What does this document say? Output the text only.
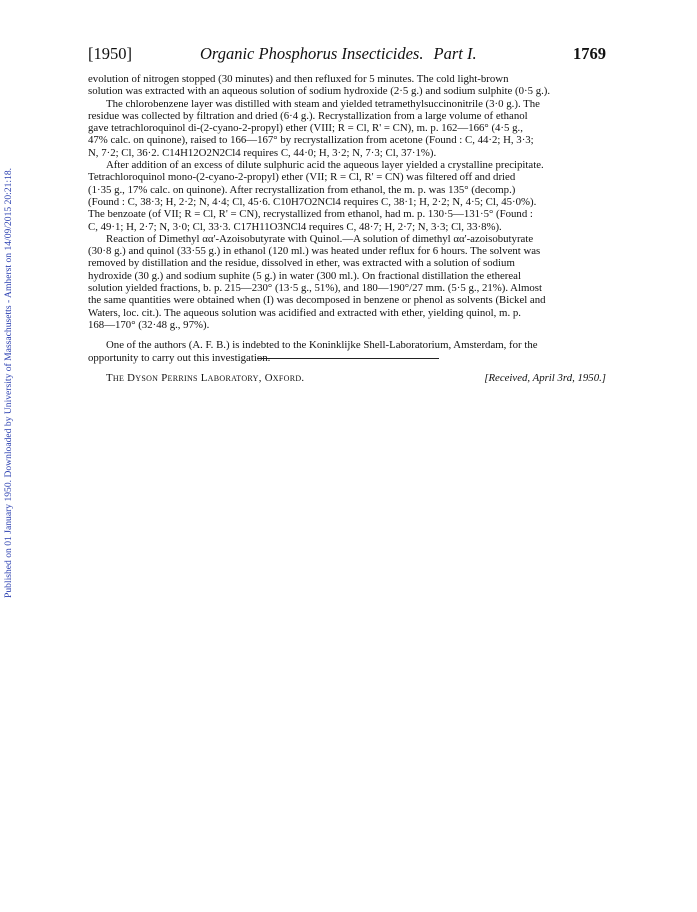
Published on 01 January 1950. Downloaded by University of Massachusetts - Amherst on 14/09/2015 20:21:18.
[1950]	Organic Phosphorus Insecticides. Part I.	1769
evolution of nitrogen stopped (30 minutes) and then refluxed for 5 minutes. The cold light-brown
solution was extracted with an aqueous solution of sodium hydroxide (2·5 g.) and sodium sulphite (0·5 g.).
The chlorobenzene layer was distilled with steam and yielded tetramethylsuccinonitrile (3·0 g.). The
residue was collected by filtration and dried (6·4 g.). Recrystallization from a large volume of ethanol
gave tetrachloroquinol di-(2-cyano-2-propyl) ether (VIII; R = Cl, R' = CN), m. p. 162—166° (4·5 g.,
47% calc. on quinone), raised to 166—167° by recrystallization from acetone (Found : C, 44·2; H, 3·3;
N, 7·2; Cl, 36·2. C14H12O2N2Cl4 requires C, 44·0; H, 3·2; N, 7·3; Cl, 37·1%).
After addition of an excess of dilute sulphuric acid the aqueous layer yielded a crystalline precipitate.
Tetrachloroquinol mono-(2-cyano-2-propyl) ether (VII; R = Cl, R' = CN) was filtered off and dried
(1·35 g., 17% calc. on quinone). After recrystallization from ethanol, the m. p. was 135° (decomp.)
(Found : C, 38·3; H, 2·2; N, 4·4; Cl, 45·6. C10H7O2NCl4 requires C, 38·1; H, 2·2; N, 4·5; Cl, 45·0%).
The benzoate (of VII; R = Cl, R' = CN), recrystallized from ethanol, had m. p. 130·5—131·5° (Found :
C, 49·1; H, 2·7; N, 3·0; Cl, 33·3. C17H11O3NCl4 requires C, 48·7; H, 2·7; N, 3·3; Cl, 33·8%).
Reaction of Dimethyl αα'-Azoisobutyrate with Quinol.—A solution of dimethyl αα'-azoisobutyrate
(30·8 g.) and quinol (33·55 g.) in ethanol (120 ml.) was heated under reflux for 6 hours. The solvent was
removed by distillation and the residue, dissolved in ether, was extracted with a solution of sodium
hydroxide (30 g.) and sodium suphite (5 g.) in water (300 ml.). On fractional distillation the ethereal
solution yielded fractions, b. p. 215—230° (13·5 g., 51%), and 180—190°/27 mm. (5·5 g., 21%). Almost
the same quantities were obtained when (I) was decomposed in benzene or phenol as solvents (Bickel and
Waters, loc. cit.). The aqueous solution was acidified and extracted with ether, yielding quinol, m. p.
168—170° (32·48 g., 97%).
One of the authors (A. F. B.) is indebted to the Koninklijke Shell-Laboratorium, Amsterdam, for the
opportunity to carry out this investigation.
The Dyson Perrins Laboratory, Oxford.	[Received, April 3rd, 1950.]
